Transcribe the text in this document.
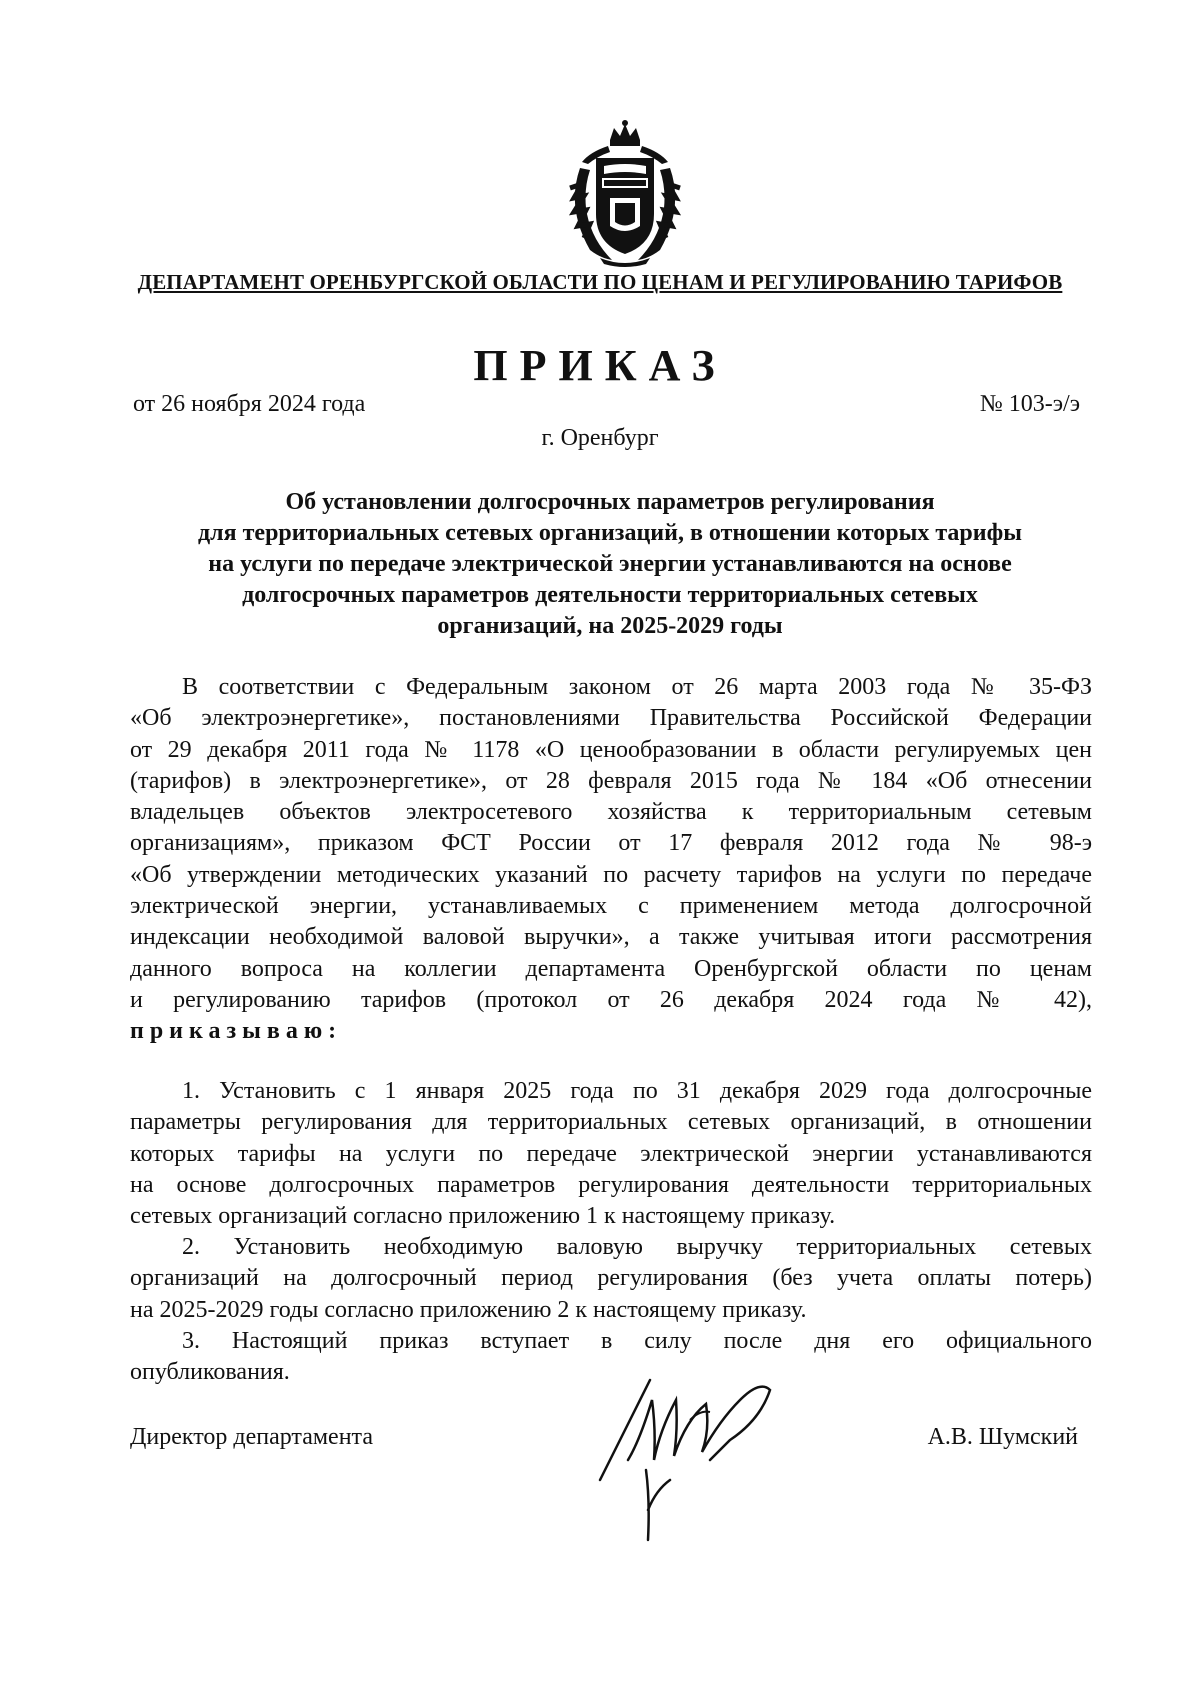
ДЕПАРТАМЕНТ ОРЕНБУРГСКОЙ ОБЛАСТИ ПО ЦЕНАМ И РЕГУЛИРОВАНИЮ ТАРИФОВ
ПРИКАЗ
от 26 ноября 2024 года	№ 103-э/э
г. Оренбург
Об установлении долгосрочных параметров регулирования
для территориальных сетевых организаций, в отношении которых тарифы
на услуги по передаче электрической энергии устанавливаются на основе
долгосрочных параметров деятельности территориальных сетевых
организаций, на 2025-2029 годы
В соответствии с Федеральным законом от 26 марта 2003 года № 35-ФЗ
«Об электроэнергетике», постановлениями Правительства Российской Федерации
от 29 декабря 2011 года № 1178 «О ценообразовании в области регулируемых цен
(тарифов) в электроэнергетике», от 28 февраля 2015 года № 184 «Об отнесении
владельцев объектов электросетевого хозяйства к территориальным сетевым
организациям», приказом ФСТ России от 17 февраля 2012 года № 98-э
«Об утверждении методических указаний по расчету тарифов на услуги по передаче
электрической энергии, устанавливаемых с применением метода долгосрочной
индексации необходимой валовой выручки», а также учитывая итоги рассмотрения
данного вопроса на коллегии департамента Оренбургской области по ценам
и регулированию тарифов (протокол от 26 декабря 2024 года № 42),
приказываю:
1. Установить с 1 января 2025 года по 31 декабря 2029 года долгосрочные
параметры регулирования для территориальных сетевых организаций, в отношении
которых тарифы на услуги по передаче электрической энергии устанавливаются
на основе долгосрочных параметров регулирования деятельности территориальных
сетевых организаций согласно приложению 1 к настоящему приказу.
2. Установить необходимую валовую выручку территориальных сетевых
организаций на долгосрочный период регулирования (без учета оплаты потерь)
на 2025-2029 годы согласно приложению 2 к настоящему приказу.
3. Настоящий приказ вступает в силу после дня его официального
опубликования.
Директор департамента	А.В. Шумский
